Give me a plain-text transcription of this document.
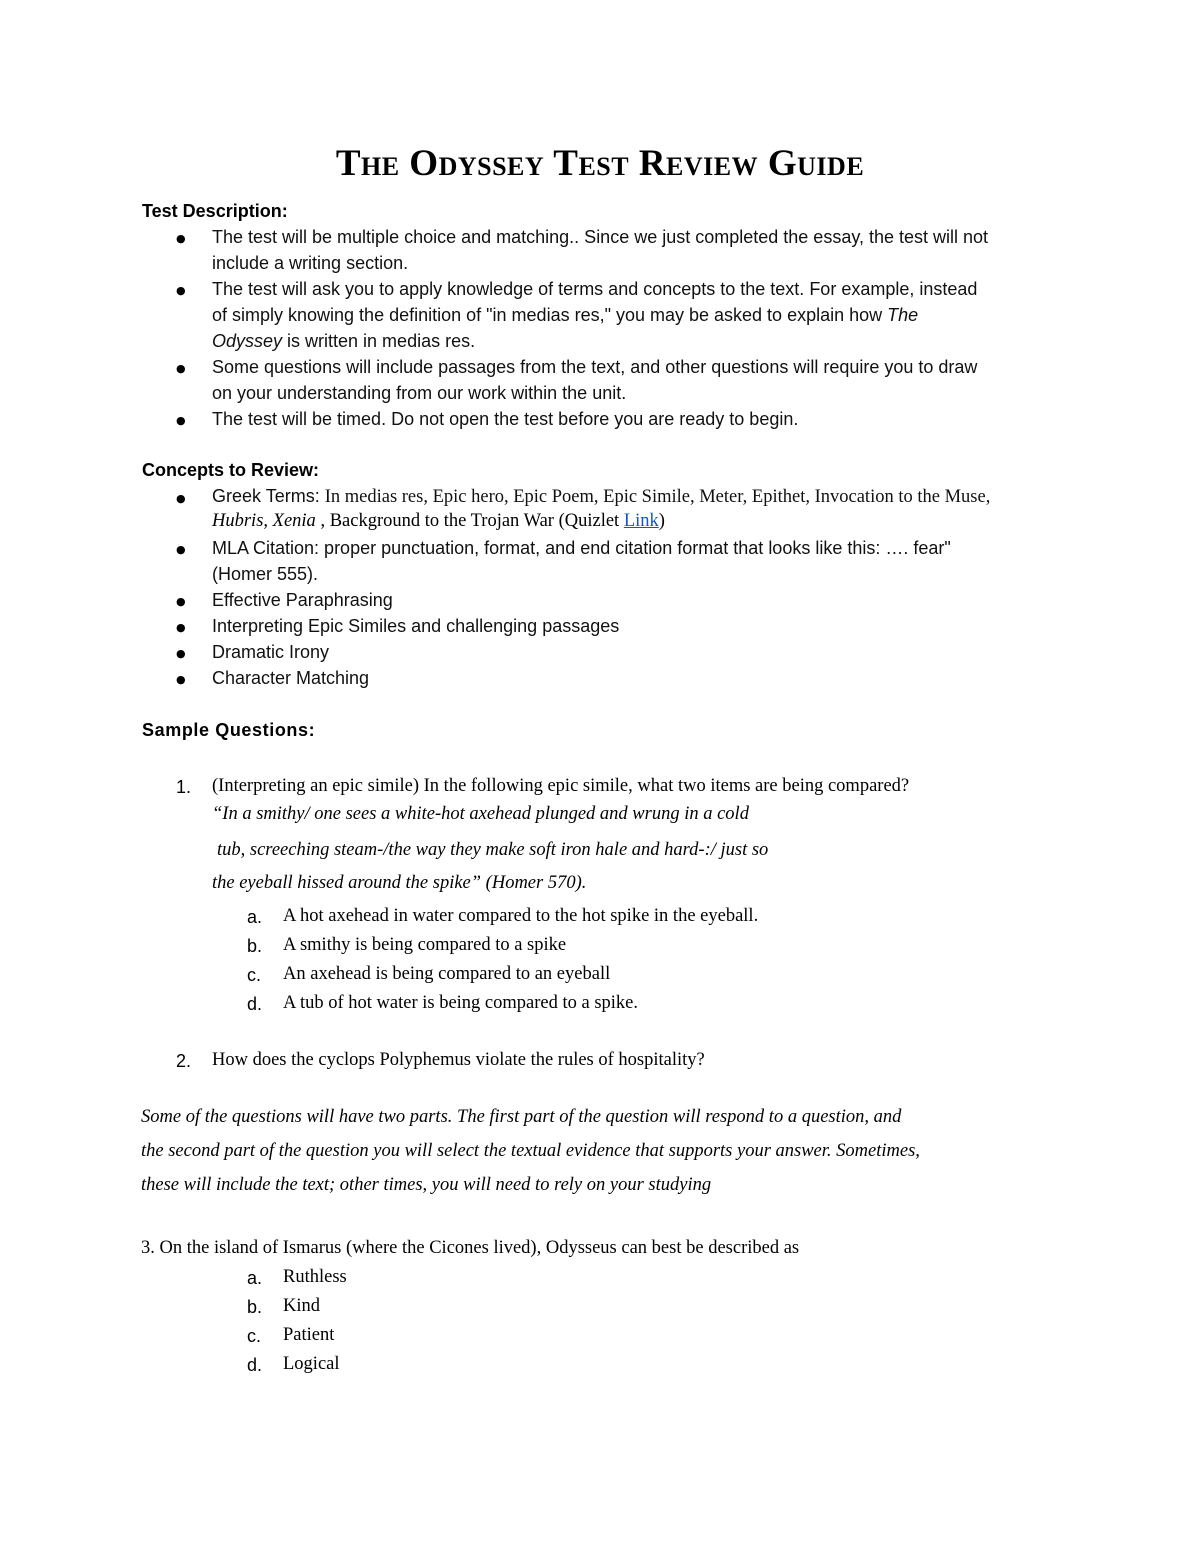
The Odyssey Test Review Guide
Test Description:
● The test will be multiple choice and matching.. Since we just completed the essay, the test will not
include a writing section.
● The test will ask you to apply knowledge of terms and concepts to the text. For example, instead
of simply knowing the definition of "in medias res," you may be asked to explain how The
Odyssey is written in medias res.
● Some questions will include passages from the text, and other questions will require you to draw
on your understanding from our work within the unit.
● The test will be timed. Do not open the test before you are ready to begin.
Concepts to Review:
● Greek Terms: In medias res, Epic hero, Epic Poem, Epic Simile, Meter, Epithet, Invocation to the Muse,
Hubris, Xenia , Background to the Trojan War (Quizlet Link)
● MLA Citation: proper punctuation, format, and end citation format that looks like this: …. fear"
(Homer 555).
● Effective Paraphrasing
● Interpreting Epic Similes and challenging passages
● Dramatic Irony
● Character Matching
Sample Questions:
1. (Interpreting an epic simile) In the following epic simile, what two items are being compared?
“In a smithy/ one sees a white-hot axehead plunged and wrung in a cold
tub, screeching steam-/the way they make soft iron hale and hard-:/ just so
the eyeball hissed around the spike” (Homer 570).
a. A hot axehead in water compared to the hot spike in the eyeball.
b. A smithy is being compared to a spike
c. An axehead is being compared to an eyeball
d. A tub of hot water is being compared to a spike.
2. How does the cyclops Polyphemus violate the rules of hospitality?
Some of the questions will have two parts. The first part of the question will respond to a question, and
the second part of the question you will select the textual evidence that supports your answer. Sometimes,
these will include the text; other times, you will need to rely on your studying
3. On the island of Ismarus (where the Cicones lived), Odysseus can best be described as
a. Ruthless
b. Kind
c. Patient
d. Logical
